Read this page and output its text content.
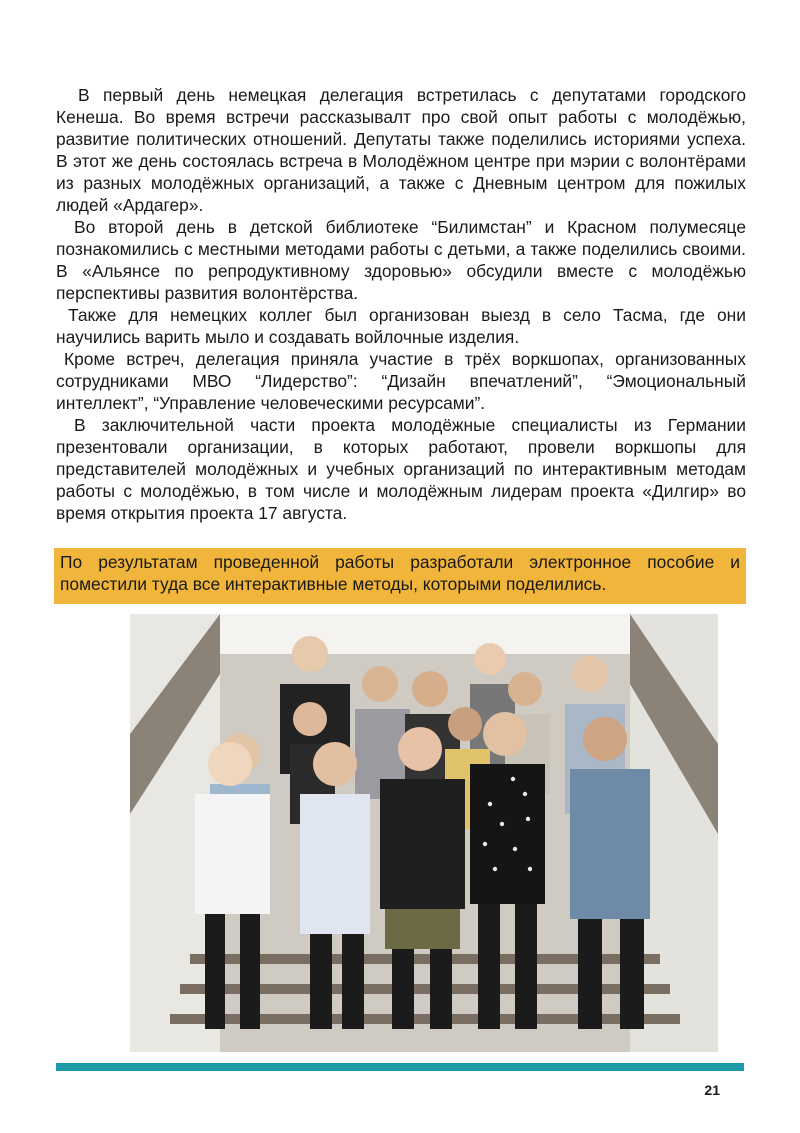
В первый день немецкая делегация встретилась с депутатами городского Кенеша. Во время встречи рассказывалт про свой опыт работы с молодёжью, развитие политических отношений. Депутаты также поделились историями успеха. В этот же день состоялась встреча в Молодёжном центре при мэрии с волонтёрами из разных молодёжных организаций, а также с Дневным центром для пожилых людей «Ардагер».

Во второй день в детской библиотеке “Билимстан” и Красном полумесяце познакомились с местными методами работы с детьми, а также поделились своими. В «Альянсе по репродуктивному здоровью» обсудили вместе с молодёжью перспективы развития волонтёрства.

Также для немецких коллег был организован выезд в село Тасма, где они научились варить мыло и создавать войлочные изделия.

Кроме встреч, делегация приняла участие в трёх воркшопах, организованных сотрудниками МВО “Лидерство”: “Дизайн впечатлений”, “Эмоциональный интеллект”, “Управление человеческими ресурсами”.

В заключительной части проекта молодёжные специалисты из Германии презентовали организации, в которых работают, провели воркшопы для представителей молодёжных и учебных организаций по интерактивным методам работы с молодёжью, в том числе и молодёжным лидерам проекта «Дилгир» во время открытия проекта 17 августа.

По результатам проведенной работы разработали электронное пособие и поместили туда все интерактивные методы, которыми поделились.
21
